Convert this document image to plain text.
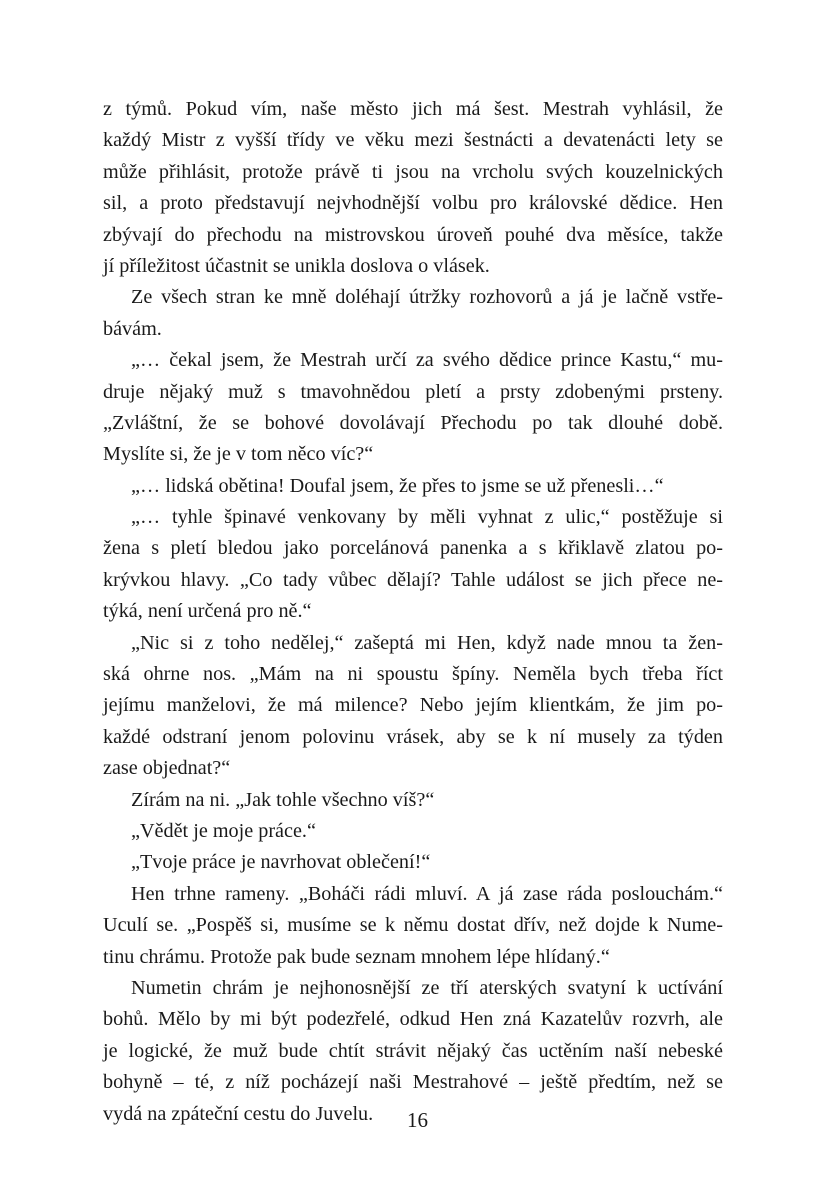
z týmů. Pokud vím, naše město jich má šest. Mestrah vyhlásil, že
každý Mistr z vyšší třídy ve věku mezi šestnácti a devatenácti lety se
může přihlásit, protože právě ti jsou na vrcholu svých kouzelnických
sil, a proto představují nejvhodnější volbu pro královské dědice. Hen
zbývají do přechodu na mistrovskou úroveň pouhé dva měsíce, takže
jí příležitost účastnit se unikla doslova o vlásek.

Ze všech stran ke mně doléhají útržky rozhovorů a já je lačně vstře-
bávám.

„… čekal jsem, že Mestrah určí za svého dědice prince Kastu,“ mu-
druje nějaký muž s tmavohnědou pletí a prsty zdobenými prsteny.
„Zvláštní, že se bohové dovolávají Přechodu po tak dlouhé době.
Myslíte si, že je v tom něco víc?“

„… lidská obětina! Doufal jsem, že přes to jsme se už přenesli…“

„… tyhle špinavé venkovany by měli vyhnat z ulic,“ postěžuje si
žena s pletí bledou jako porcelánová panenka a s křiklavě zlatou po-
krývkou hlavy. „Co tady vůbec dělají? Tahle událost se jich přece ne-
týká, není určená pro ně.“

„Nic si z toho nedělej,“ zašeptá mi Hen, když nade mnou ta žen-
ská ohrne nos. „Mám na ni spoustu špíny. Neměla bych třeba říct
jejímu manželovi, že má milence? Nebo jejím klientkám, že jim po-
každé odstraní jenom polovinu vrásek, aby se k ní musely za týden
zase objednat?“

Zírám na ni. „Jak tohle všechno víš?“

„Vědět je moje práce.“

„Tvoje práce je navrhovat oblečení!“

Hen trhne rameny. „Boháči rádi mluví. A já zase ráda poslouchám.“
Uculí se. „Pospěš si, musíme se k němu dostat dřív, než dojde k Nume-
tinu chrámu. Protože pak bude seznam mnohem lépe hlídaný.“

Numetin chrám je nejhonosnější ze tří aterských svatyní k uctívání
bohů. Mělo by mi být podezřelé, odkud Hen zná Kazatelův rozvrh, ale
je logické, že muž bude chtít strávit nějaký čas uctěním naší nebeské
bohyně – té, z níž pocházejí naši Mestrahové – ještě předtím, než se
vydá na zpáteční cestu do Juvelu.	16
